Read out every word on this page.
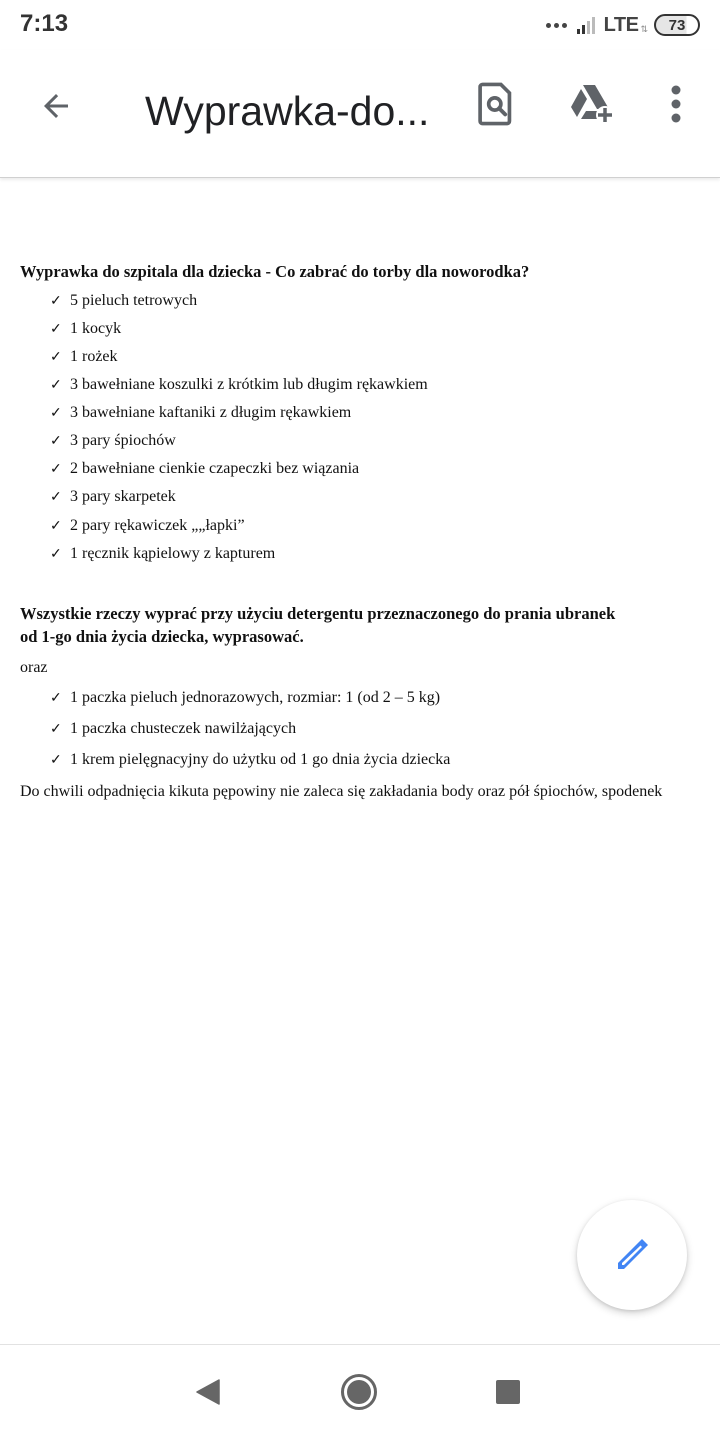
7:13	LTE ⇅ 73
Wyprawka-do...
Wyprawka do szpitala dla dziecka - Co zabrać do torby dla noworodka?
✓ 5 pieluch tetrowych
✓ 1 kocyk
✓ 1 rożek
✓ 3 bawełniane koszulki z krótkim lub długim rękawkiem
✓ 3 bawełniane kaftaniki z długim rękawkiem
✓ 3 pary śpiochów
✓ 2 bawełniane cienkie czapeczki bez wiązania
✓ 3 pary skarpetek
✓ 2 pary rękawiczek „„łapki”
✓ 1 ręcznik kąpielowy z kapturem
Wszystkie rzeczy wyprać przy użyciu detergentu przeznaczonego do prania ubranek
od 1-go dnia życia dziecka, wyprasować.
oraz
✓ 1 paczka pieluch jednorazowych, rozmiar: 1 (od 2 – 5 kg)
✓ 1 paczka chusteczek nawilżających
✓ 1 krem pielęgnacyjny do użytku od 1 go dnia życia dziecka
Do chwili odpadnięcia kikuta pępowiny nie zaleca się zakładania body oraz pół śpiochów, spodenek
